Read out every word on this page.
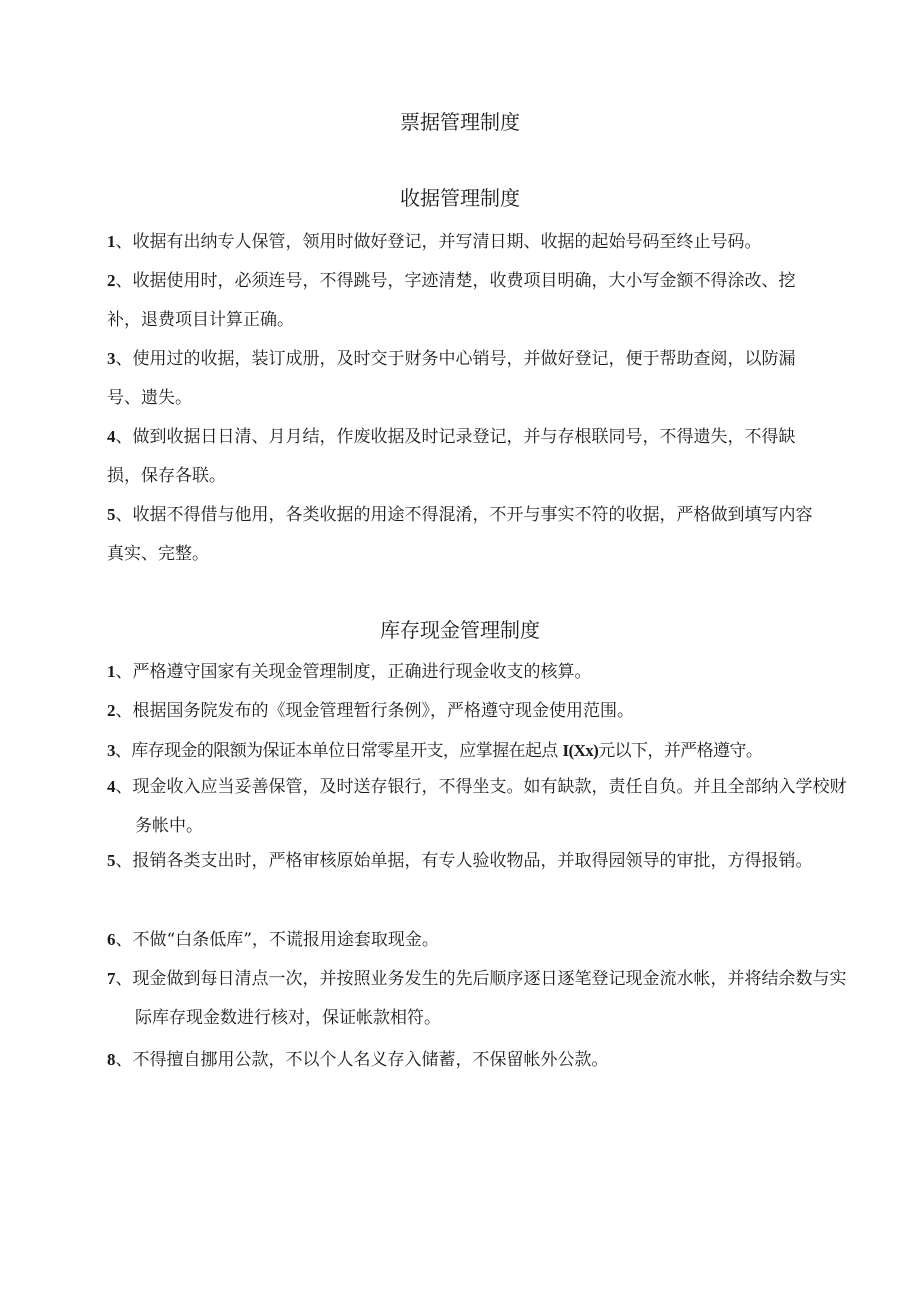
票据管理制度
收据管理制度

1、收据有出纳专人保管，领用时做好登记，并写清日期、收据的起始号码至终止号码。

2、收据使用时，必须连号，不得跳号，字迹清楚，收费项目明确，大小写金额不得涂改、挖补，退费项目计算正确。

3、使用过的收据，装订成册，及时交于财务中心销号，并做好登记，便于帮助查阅，以防漏号、遗失。

4、做到收据日日清、月月结，作废收据及时记录登记，并与存根联同号，不得遗失，不得缺损，保存各联。

5、收据不得借与他用，各类收据的用途不得混淆，不开与事实不符的收据，严格做到填写内容真实、完整。

库存现金管理制度

1、严格遵守国家有关现金管理制度，正确进行现金收支的核算。

2、根据国务院发布的《现金管理暂行条例》，严格遵守现金使用范围。

3、库存现金的限额为保证本单位日常零星开支，应掌握在起点 I(Xx)元以下，并严格遵守。

4、现金收入应当妥善保管，及时送存银行，不得坐支。如有缺款，责任自负。并且全部纳入学校财务帐中。

5、报销各类支出时，严格审核原始单据，有专人验收物品，并取得园领导的审批，方得报销。

6、不做“白条低库”，不谎报用途套取现金。

7、现金做到每日清点一次，并按照业务发生的先后顺序逐日逐笔登记现金流水帐，并将结余数与实际库存现金数进行核对，保证帐款相符。

8、不得擅自挪用公款，不以个人名义存入储蓄，不保留帐外公款。
